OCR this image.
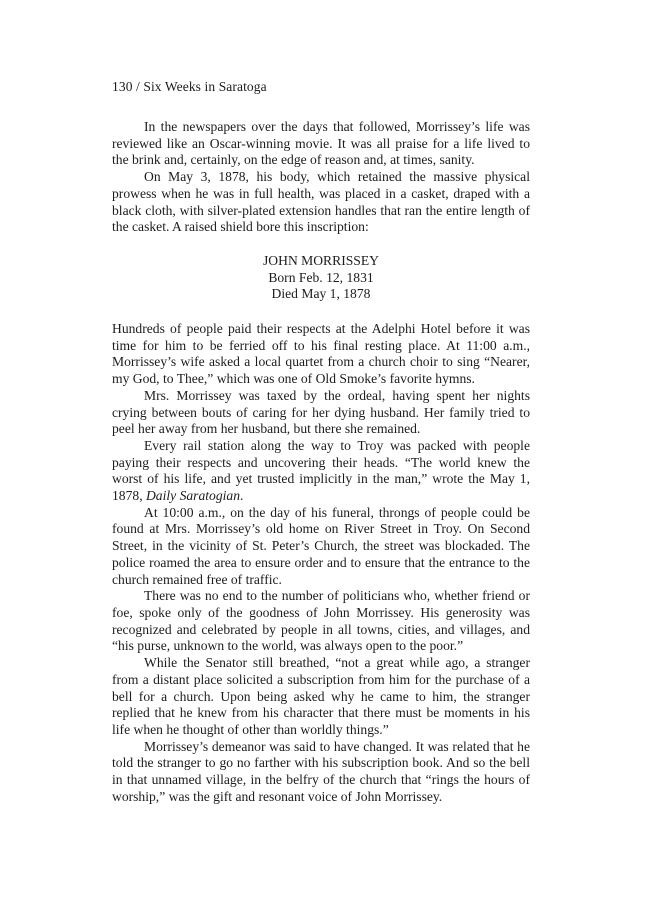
130 / Six Weeks in Saratoga

In the newspapers over the days that followed, Morrissey’s life was reviewed like an Oscar-winning movie. It was all praise for a life lived to the brink and, certainly, on the edge of reason and, at times, sanity.

On May 3, 1878, his body, which retained the massive physical prowess when he was in full health, was placed in a casket, draped with a black cloth, with silver-plated extension handles that ran the entire length of the casket. A raised shield bore this inscription:

JOHN MORRISSEY
Born Feb. 12, 1831
Died May 1, 1878

Hundreds of people paid their respects at the Adelphi Hotel before it was time for him to be ferried off to his final resting place. At 11:00 a.m., Morrissey’s wife asked a local quartet from a church choir to sing “Nearer, my God, to Thee,” which was one of Old Smoke’s favorite hymns.

Mrs. Morrissey was taxed by the ordeal, having spent her nights crying between bouts of caring for her dying husband. Her family tried to peel her away from her husband, but there she remained.

Every rail station along the way to Troy was packed with people paying their respects and uncovering their heads. “The world knew the worst of his life, and yet trusted implicitly in the man,” wrote the May 1, 1878, Daily Saratogian.

At 10:00 a.m., on the day of his funeral, throngs of people could be found at Mrs. Morrissey’s old home on River Street in Troy. On Second Street, in the vicinity of St. Peter’s Church, the street was blockaded. The police roamed the area to ensure order and to ensure that the entrance to the church remained free of traffic.

There was no end to the number of politicians who, whether friend or foe, spoke only of the goodness of John Morrissey. His generosity was recognized and celebrated by people in all towns, cities, and villages, and “his purse, unknown to the world, was always open to the poor.”

While the Senator still breathed, “not a great while ago, a stranger from a distant place solicited a subscription from him for the purchase of a bell for a church. Upon being asked why he came to him, the stranger replied that he knew from his character that there must be moments in his life when he thought of other than worldly things.”

Morrissey’s demeanor was said to have changed. It was related that he told the stranger to go no farther with his subscription book. And so the bell in that unnamed village, in the belfry of the church that “rings the hours of worship,” was the gift and resonant voice of John Morrissey.
